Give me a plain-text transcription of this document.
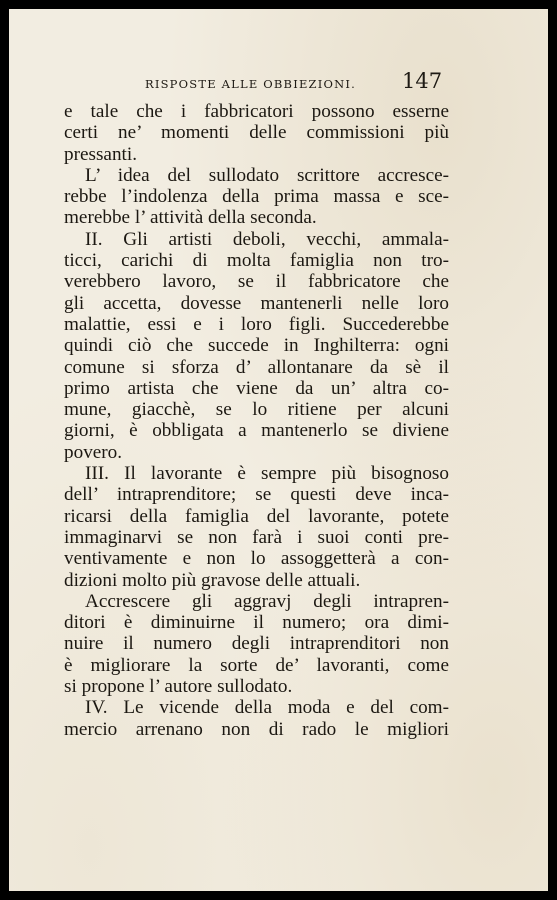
RISPOSTE ALLE OBBIEZIONI. 147
e tale che i fabbricatori possono esserne
certi ne’ momenti delle commissioni più
pressanti.
L’ idea del sullodato scrittore accresce-
rebbe l’indolenza della prima massa e sce-
merebbe l’ attività della seconda.
II. Gli artisti deboli, vecchi, ammala-
ticci, carichi di molta famiglia non tro-
verebbero lavoro, se il fabbricatore che
gli accetta, dovesse mantenerli nelle loro
malattie, essi e i loro figli. Succederebbe
quindi ciò che succede in Inghilterra: ogni
comune si sforza d’ allontanare da sè il
primo artista che viene da un’ altra co-
mune, giacchè, se lo ritiene per alcuni
giorni, è obbligata a mantenerlo se diviene
povero.
III. Il lavorante è sempre più bisognoso
dell’ intraprenditore; se questi deve inca-
ricarsi della famiglia del lavorante, potete
immaginarvi se non farà i suoi conti pre-
ventivamente e non lo assoggetterà a con-
dizioni molto più gravose delle attuali.
Accrescere gli aggravj degli intrapren-
ditori è diminuirne il numero; ora dimi-
nuire il numero degli intraprenditori non
è migliorare la sorte de’ lavoranti, come
si propone l’ autore sullodato.
IV. Le vicende della moda e del com-
mercio arrenano non di rado le migliori
